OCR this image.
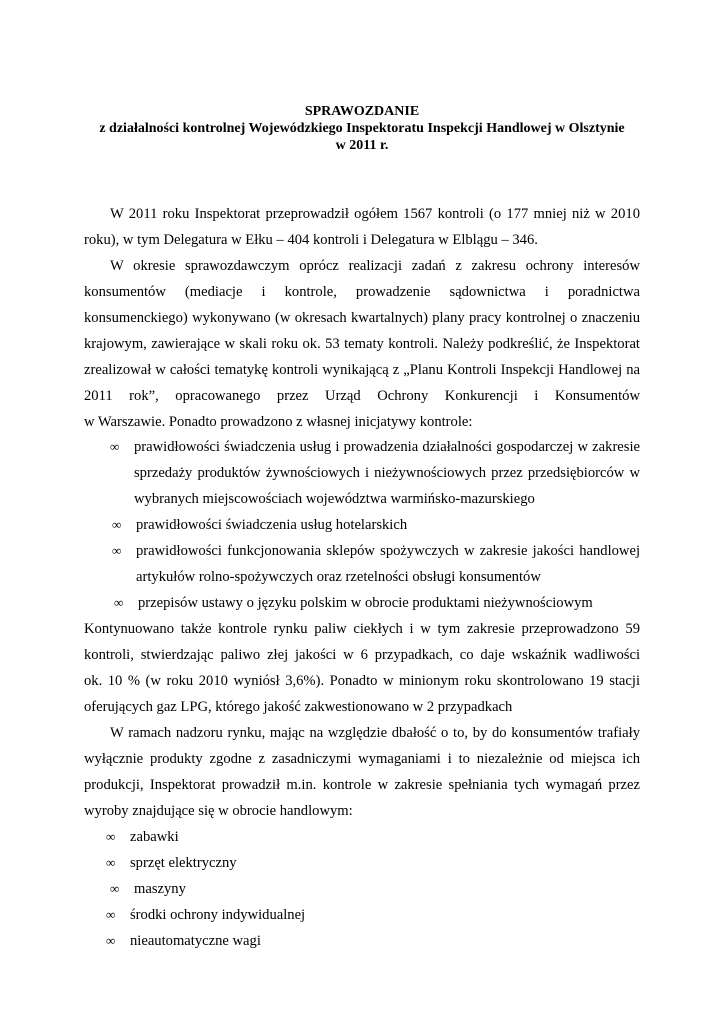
SPRAWOZDANIE
z działalności kontrolnej Wojewódzkiego Inspektoratu Inspekcji Handlowej w Olsztynie
w 2011 r.
W 2011 roku Inspektorat przeprowadził ogółem 1567 kontroli (o 177 mniej niż w 2010
roku), w tym Delegatura w Ełku – 404 kontroli i Delegatura w Elblągu – 346.
W okresie sprawozdawczym oprócz realizacji zadań z zakresu ochrony interesów
konsumentów (mediacje i kontrole, prowadzenie sądownictwa i poradnictwa
konsumenckiego) wykonywano (w okresach kwartalnych) plany pracy kontrolnej o znaczeniu
krajowym, zawierające w skali roku ok. 53 tematy kontroli. Należy podkreślić, że Inspektorat
zrealizował w całości tematykę kontroli wynikającą z „Planu Kontroli Inspekcji Handlowej na
2011 rok”, opracowanego przez Urząd Ochrony Konkurencji i Konsumentów
w Warszawie. Ponadto prowadzono z własnej inicjatywy kontrole:
∞ prawidłowości świadczenia usług i prowadzenia działalności gospodarczej w zakresie
sprzedaży produktów żywnościowych i nieżywnościowych przez przedsiębiorców w
wybranych miejscowościach województwa warmińsko-mazurskiego
∞ prawidłowości świadczenia usług hotelarskich
∞ prawidłowości funkcjonowania sklepów spożywczych w zakresie jakości handlowej
artykułów rolno-spożywczych oraz rzetelności obsługi konsumentów
∞ przepisów ustawy o języku polskim w obrocie produktami nieżywnościowym
Kontynuowano także kontrole rynku paliw ciekłych i w tym zakresie przeprowadzono 59
kontroli, stwierdzając paliwo złej jakości w 6 przypadkach, co daje wskaźnik wadliwości
ok. 10 % (w roku 2010 wyniósł 3,6%). Ponadto w minionym roku skontrolowano 19 stacji
oferujących gaz LPG, którego jakość zakwestionowano w 2 przypadkach
W ramach nadzoru rynku, mając na względzie dbałość o to, by do konsumentów trafiały
wyłącznie produkty zgodne z zasadniczymi wymaganiami i to niezależnie od miejsca ich
produkcji, Inspektorat prowadził m.in. kontrole w zakresie spełniania tych wymagań przez
wyroby znajdujące się w obrocie handlowym:
∞ zabawki
∞ sprzęt elektryczny
∞ maszyny
∞ środki ochrony indywidualnej
∞ nieautomatyczne wagi
